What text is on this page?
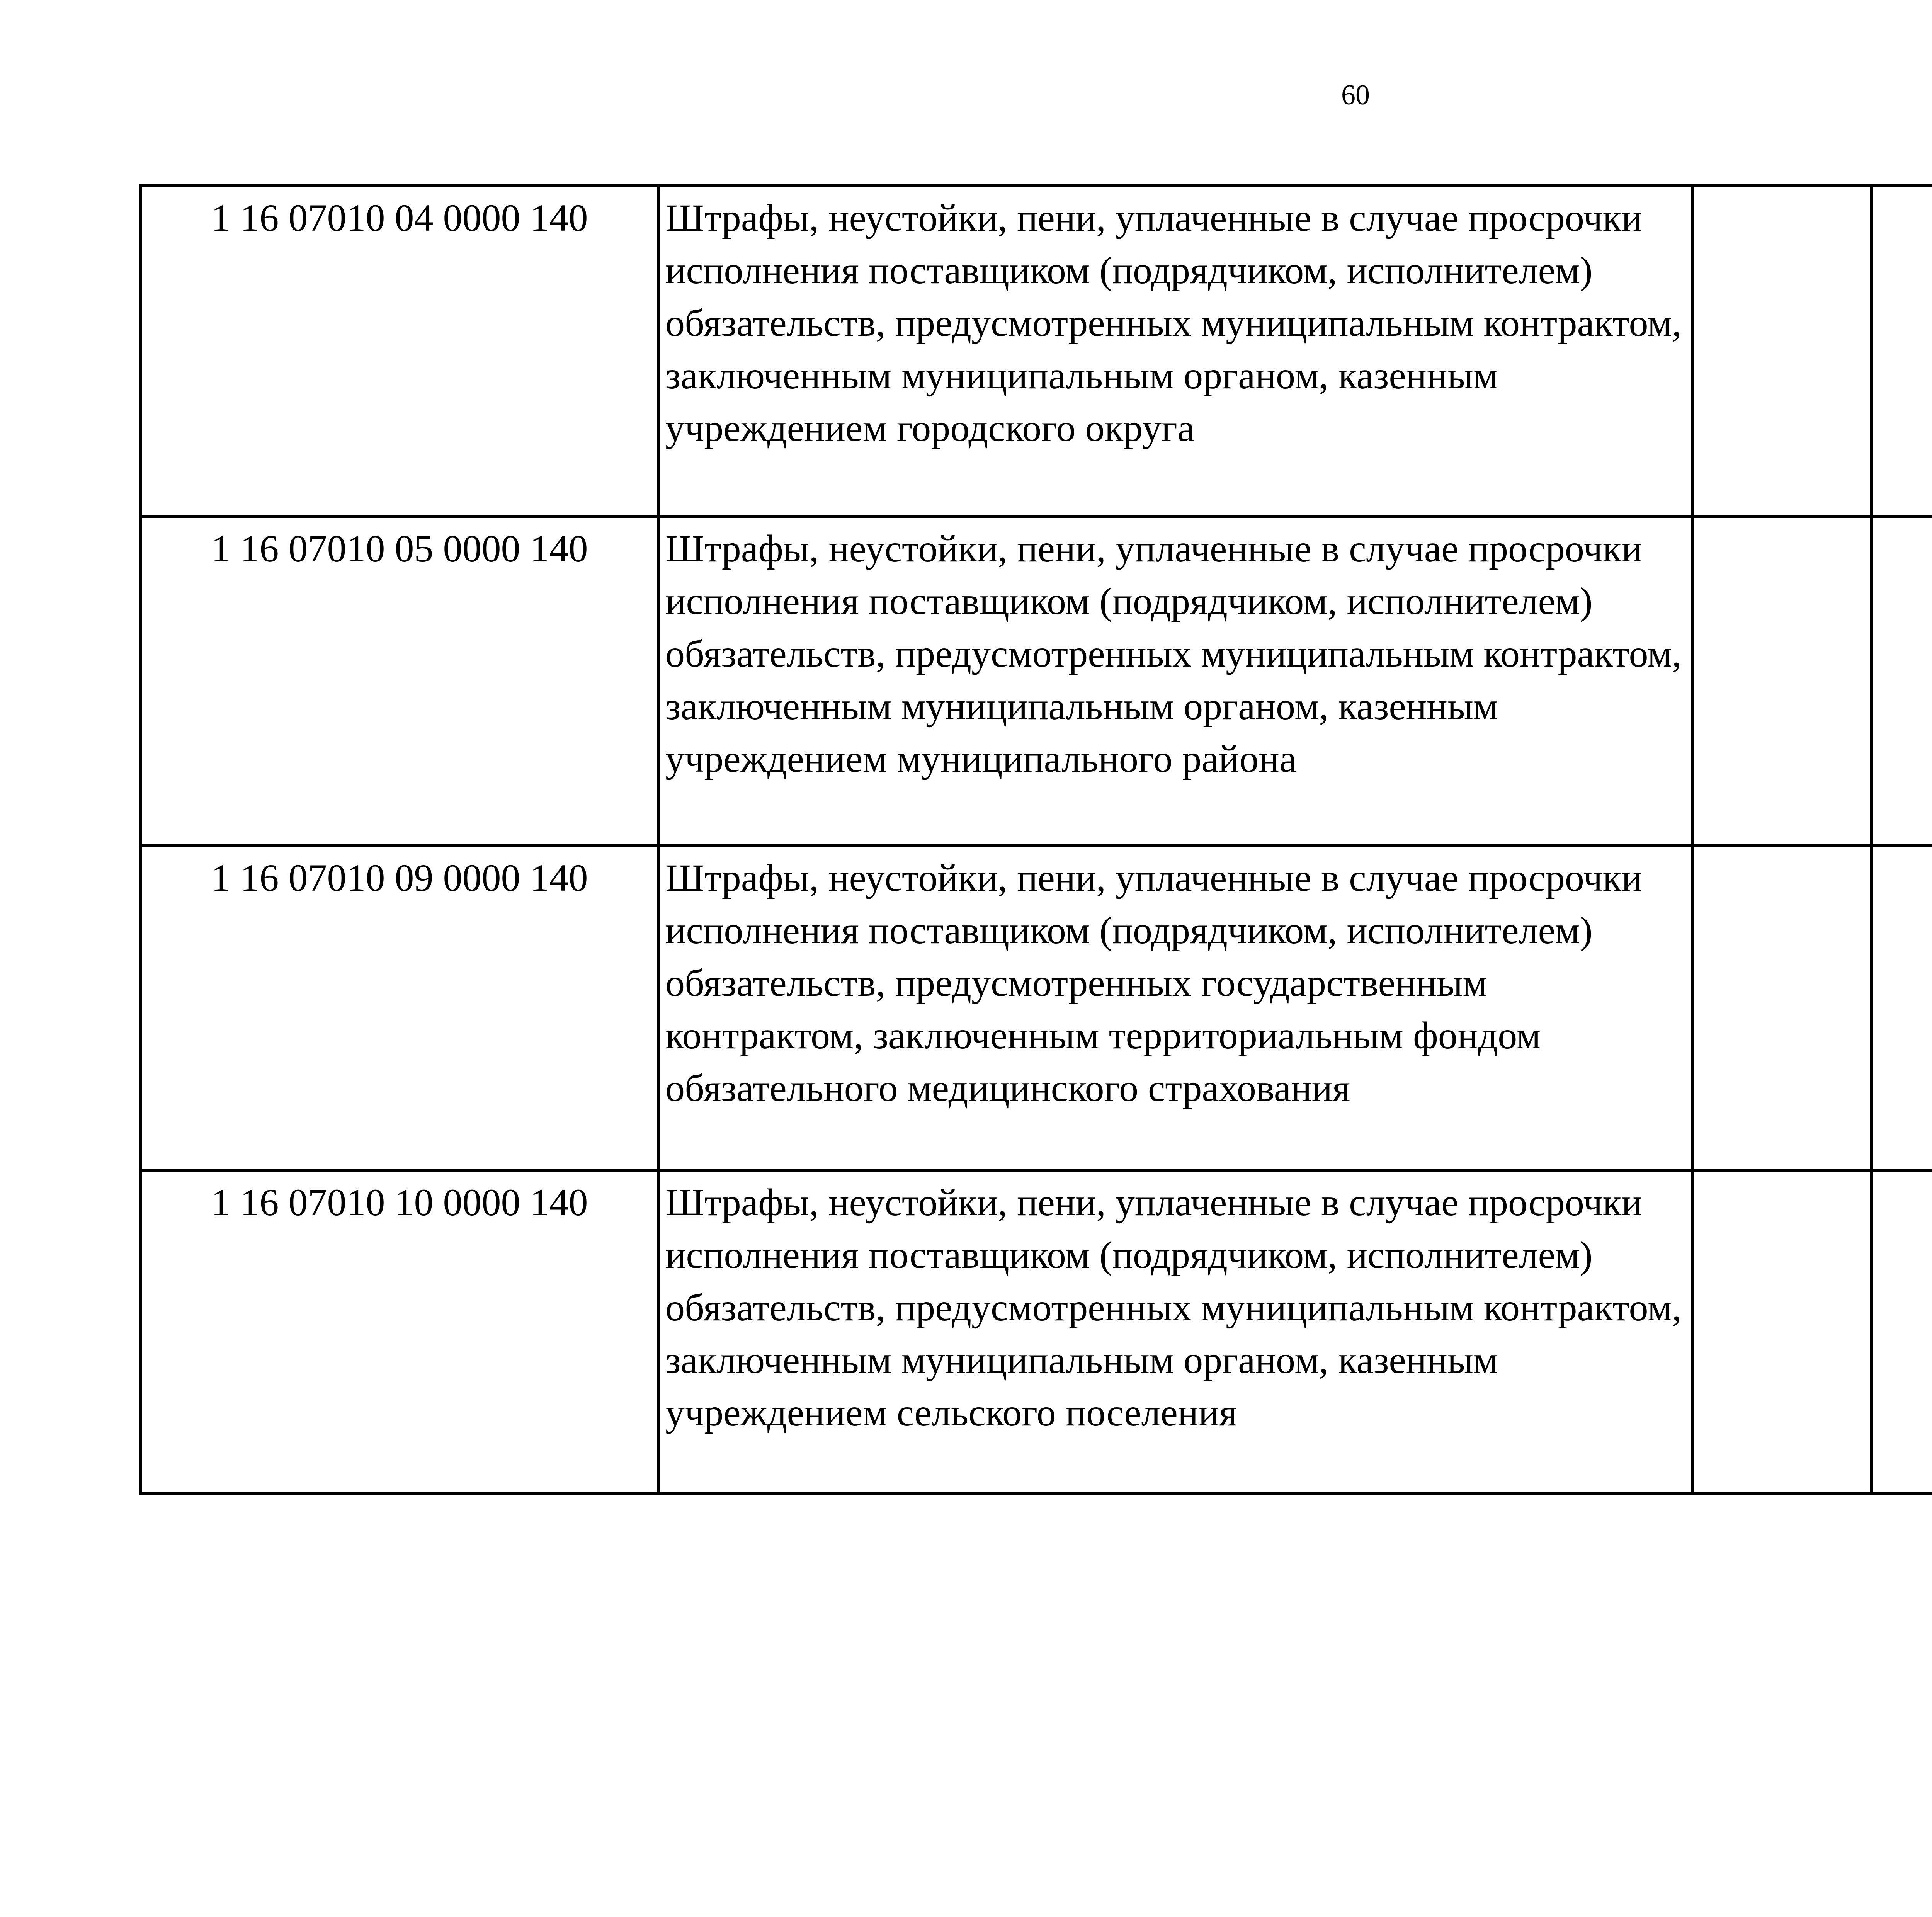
60
1 16 07010 04 0000 140	Штрафы, неустойки, пени, уплаченные в случае просрочки исполнения поставщиком (подрядчиком, исполнителем) обязательств, предусмотренных муниципальным контрактом, заключенным муниципальным органом, казенным учреждением городского округа					
1 16 07010 05 0000 140	Штрафы, неустойки, пени, уплаченные в случае просрочки исполнения поставщиком (подрядчиком, исполнителем) обязательств, предусмотренных муниципальным контрактом, заключенным муниципальным органом, казенным учреждением муниципального района					
1 16 07010 09 0000 140	Штрафы, неустойки, пени, уплаченные в случае просрочки исполнения поставщиком (подрядчиком, исполнителем) обязательств, предусмотренных государственным контрактом, заключенным территориальным фондом обязательного медицинского страхования					
1 16 07010 10 0000 140	Штрафы, неустойки, пени, уплаченные в случае просрочки исполнения поставщиком (подрядчиком, исполнителем) обязательств, предусмотренных муниципальным контрактом, заключенным муниципальным органом, казенным учреждением сельского поселения					
